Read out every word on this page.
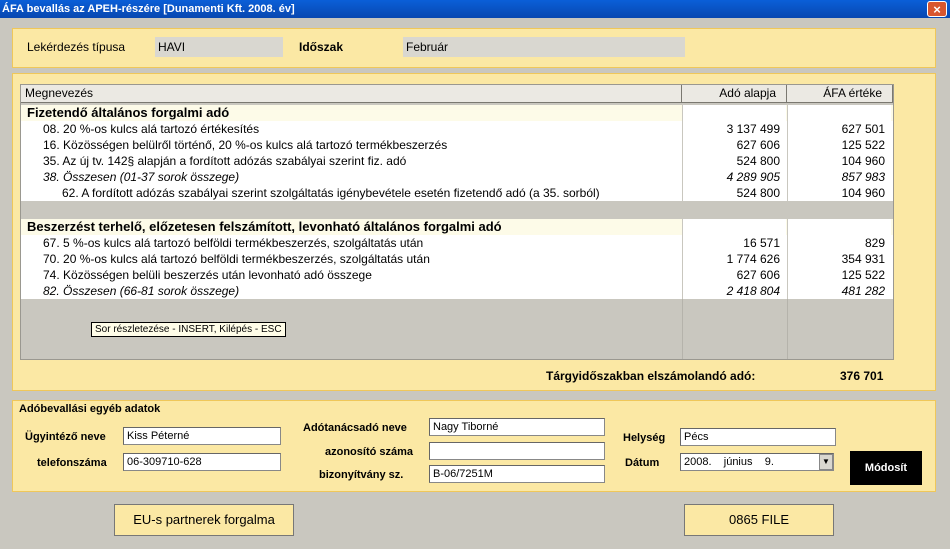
ÁFA bevallás az APEH-részére [Dunamenti Kft. 2008. év]	×
Lekérdezés típusa	HAVI	Időszak	Február
Megnevezés	Adó alapja	ÁFA értéke
Fizetendő általános forgalmi adó
08. 20 %-os kulcs alá tartozó értékesítés	3 137 499	627 501
16. Közösségen belülről történő, 20 %-os kulcs alá tartozó termékbeszerzés	627 606	125 522
35. Az új tv. 142§ alapján a fordított adózás szabályai szerint fiz. adó	524 800	104 960
38. Összesen (01-37 sorok összege)	4 289 905	857 983
62. A fordított adózás szabályai szerint szolgáltatás igénybevétele esetén fizetendő adó (a 35. sorból)	524 800	104 960
Beszerzést terhelő, előzetesen felszámított, levonható általános forgalmi adó
67. 5 %-os kulcs alá tartozó belföldi termékbeszerzés, szolgáltatás után	16 571	829
70. 20 %-os kulcs alá tartozó belföldi termékbeszerzés, szolgáltatás után	1 774 626	354 931
74. Közösségen belüli beszerzés után levonható adó összege	627 606	125 522
82. Összesen (66-81 sorok összege)	2 418 804	481 282
Sor részletezése - INSERT, Kilépés - ESC
Tárgyidőszakban elszámolandó adó:	376 701
Adóbevallási egyéb adatok
Ügyintéző neve	Kiss Péterné
telefonszáma	06-309710-628
Adótanácsadó neve	Nagy Tiborné
azonosító száma
bizonyítvány sz.	B-06/7251M
Helység	Pécs
Dátum	2008.    június    9.	▼
Módosít
EU-s partnerek forgalma	0865 FILE
